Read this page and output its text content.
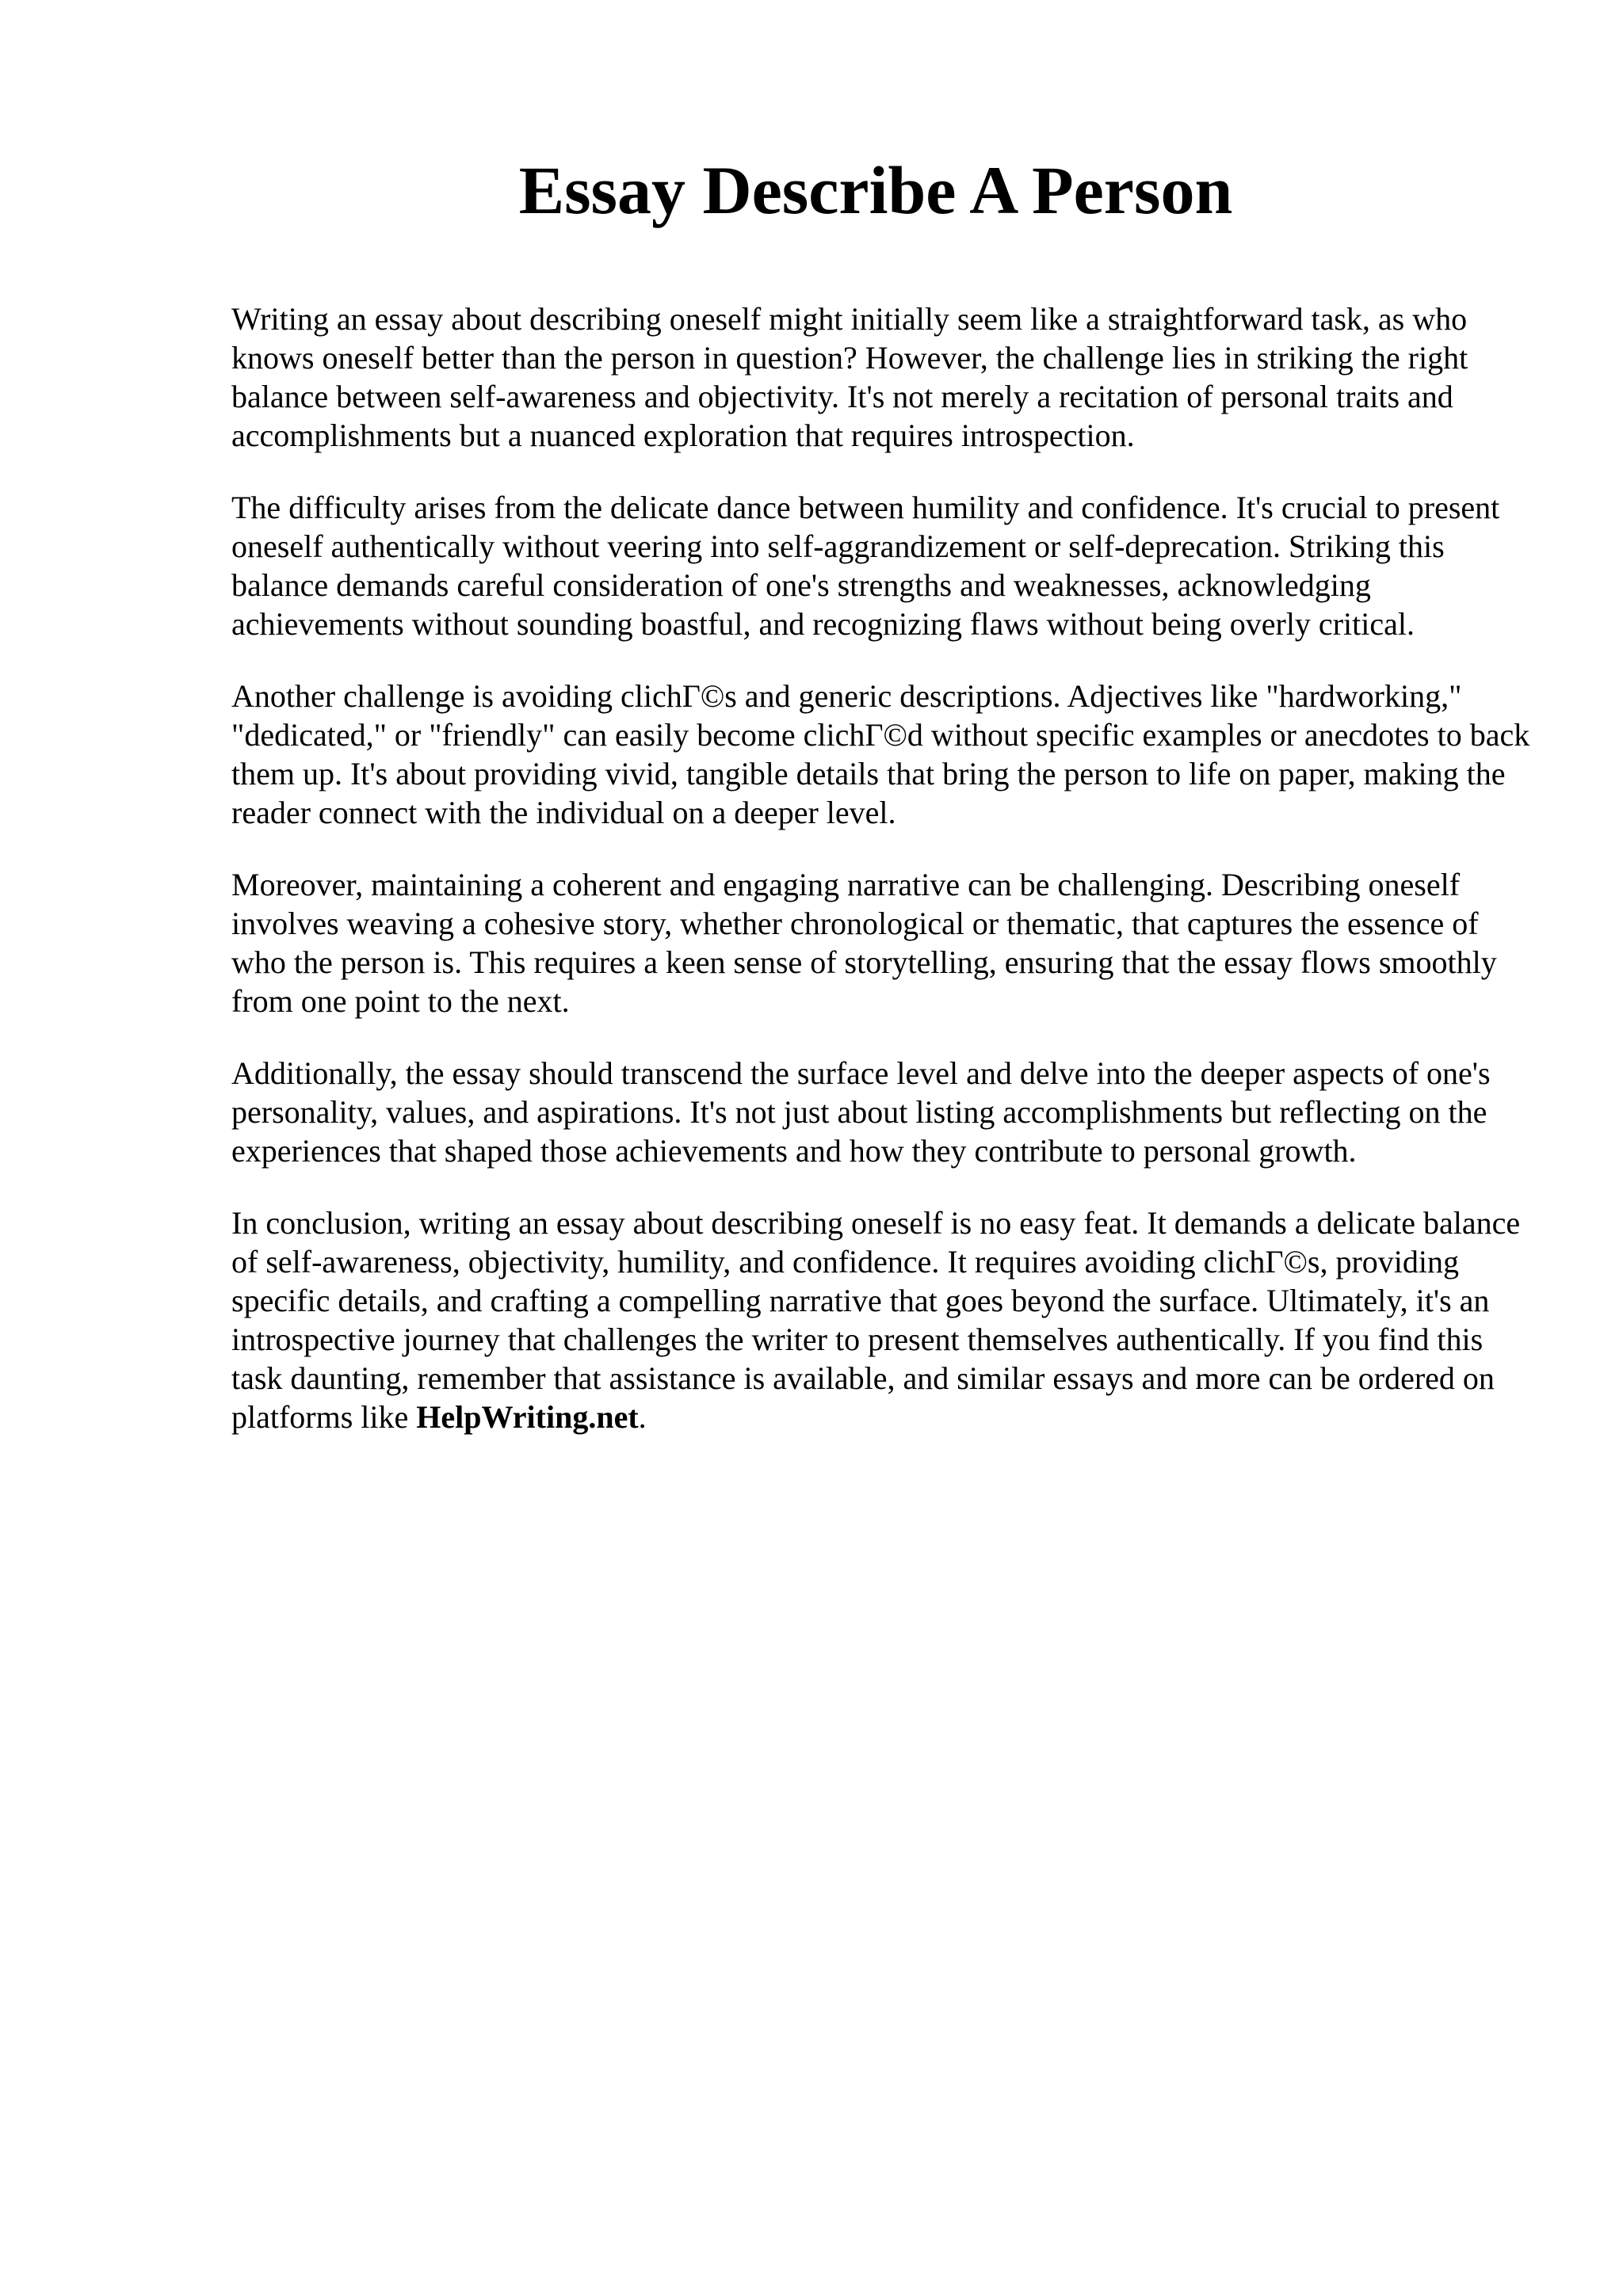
Essay Describe A Person

Writing an essay about describing oneself might initially seem like a straightforward task, as who knows oneself better than the person in question? However, the challenge lies in striking the right balance between self-awareness and objectivity. It's not merely a recitation of personal traits and accomplishments but a nuanced exploration that requires introspection.

The difficulty arises from the delicate dance between humility and confidence. It's crucial to present oneself authentically without veering into self-aggrandizement or self-deprecation. Striking this balance demands careful consideration of one's strengths and weaknesses, acknowledging achievements without sounding boastful, and recognizing flaws without being overly critical.

Another challenge is avoiding clichΓ©s and generic descriptions. Adjectives like "hardworking," "dedicated," or "friendly" can easily become clichΓ©d without specific examples or anecdotes to back them up. It's about providing vivid, tangible details that bring the person to life on paper, making the reader connect with the individual on a deeper level.

Moreover, maintaining a coherent and engaging narrative can be challenging. Describing oneself involves weaving a cohesive story, whether chronological or thematic, that captures the essence of who the person is. This requires a keen sense of storytelling, ensuring that the essay flows smoothly from one point to the next.

Additionally, the essay should transcend the surface level and delve into the deeper aspects of one's personality, values, and aspirations. It's not just about listing accomplishments but reflecting on the experiences that shaped those achievements and how they contribute to personal growth.

In conclusion, writing an essay about describing oneself is no easy feat. It demands a delicate balance of self-awareness, objectivity, humility, and confidence. It requires avoiding clichΓ©s, providing specific details, and crafting a compelling narrative that goes beyond the surface. Ultimately, it's an introspective journey that challenges the writer to present themselves authentically. If you find this task daunting, remember that assistance is available, and similar essays and more can be ordered on platforms like HelpWriting.net.
